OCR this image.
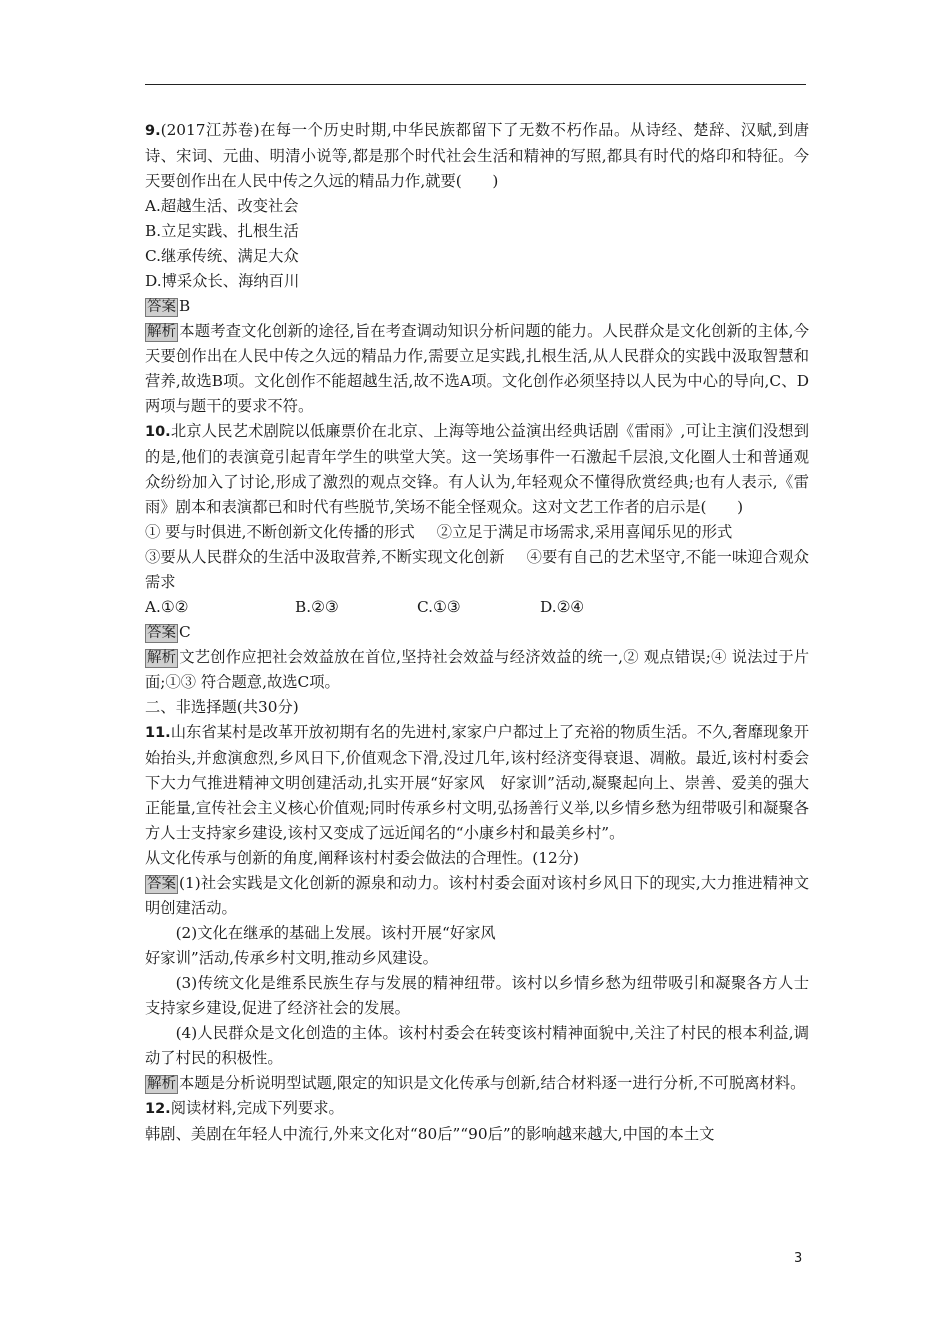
9.(2017江苏卷)在每一个历史时期,中华民族都留下了无数不朽作品。从诗经、楚辞、汉赋,到唐诗、宋词、元曲、明清小说等,都是那个时代社会生活和精神的写照,都具有时代的烙印和特征。今天要创作出在人民中传之久远的精品力作,就要(　　)

A.超越生活、改变社会

B.立足实践、扎根生活

C.继承传统、满足大众

D.博采众长、海纳百川

答案 B

解析 本题考查文化创新的途径,旨在考查调动知识分析问题的能力。人民群众是文化创新的主体,今天要创作出在人民中传之久远的精品力作,需要立足实践,扎根生活,从人民群众的实践中汲取智慧和营养,故选B项。文化创作不能超越生活,故不选A项。文化创作必须坚持以人民为中心的导向,C、D两项与题干的要求不符。

10.北京人民艺术剧院以低廉票价在北京、上海等地公益演出经典话剧《雷雨》,可让主演们没想到的是,他们的表演竟引起青年学生的哄堂大笑。这一笑场事件一石激起千层浪,文化圈人士和普通观众纷纷加入了讨论,形成了激烈的观点交锋。有人认为,年轻观众不懂得欣赏经典;也有人表示,《雷雨》剧本和表演都已和时代有些脱节,笑场不能全怪观众。这对文艺工作者的启示是(　　)

① 要与时俱进,不断创新文化传播的形式 ②立足于满足市场需求,采用喜闻乐见的形式
③要从人民群众的生活中汲取营养,不断实现文化创新 ④要有自己的艺术坚守,不能一味迎合观众需求

A.①②	B.②③	C.①③	D.②④

答案 C

解析 文艺创作应把社会效益放在首位,坚持社会效益与经济效益的统一,② 观点错误;④ 说法过于片面;①③ 符合题意,故选C项。

二、非选择题(共30分)

11.山东省某村是改革开放初期有名的先进村,家家户户都过上了充裕的物质生活。不久,奢靡现象开始抬头,并愈演愈烈,乡风日下,价值观念下滑,没过几年,该村经济变得衰退、凋敝。最近,该村村委会下大力气推进精神文明创建活动,扎实开展“好家风　好家训”活动,凝聚起向上、崇善、爱美的强大正能量,宣传社会主义核心价值观;同时传承乡村文明,弘扬善行义举,以乡情乡愁为纽带吸引和凝聚各方人士支持家乡建设,该村又变成了远近闻名的“小康乡村和最美乡村”。

从文化传承与创新的角度,阐释该村村委会做法的合理性。(12分)

答案 (1)社会实践是文化创新的源泉和动力。该村村委会面对该村乡风日下的现实,大力推进精神文明创建活动。

(2)文化在继承的基础上发展。该村开展“好家风

好家训”活动,传承乡村文明,推动乡风建设。

(3)传统文化是维系民族生存与发展的精神纽带。该村以乡情乡愁为纽带吸引和凝聚各方人士支持家乡建设,促进了经济社会的发展。

(4)人民群众是文化创造的主体。该村村委会在转变该村精神面貌中,关注了村民的根本利益,调动了村民的积极性。

解析 本题是分析说明型试题,限定的知识是文化传承与创新,结合材料逐一进行分析,不可脱离材料。

12.阅读材料,完成下列要求。

韩剧、美剧在年轻人中流行,外来文化对“80后”“90后”的影响越来越大,中国的本土文

3
